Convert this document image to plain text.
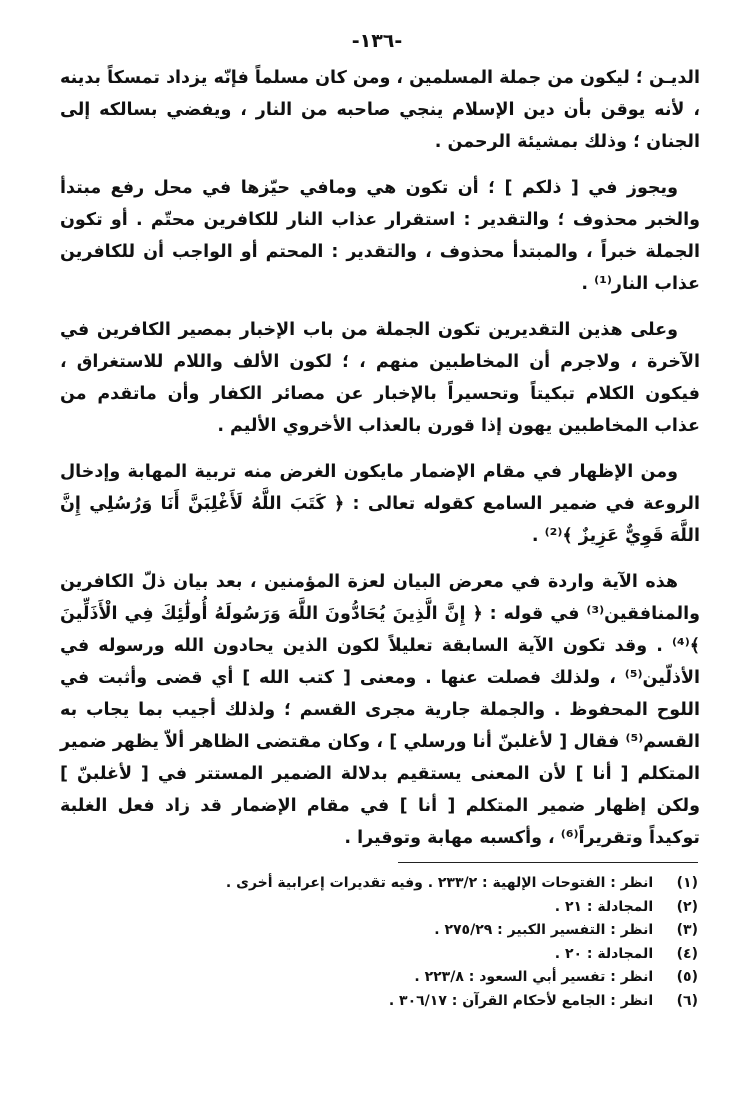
-١٣٦-

الديـن ؛ ليكون من جملة المسلمين ، ومن كان مسلماً فإنّه يزداد تمسكاً بدينه ، لأنه يوقن بأن دين الإسلام ينجي صاحبه من النار ، ويفضي بسالكه إلى الجنان ؛ وذلك بمشيئة الرحمن .

ويجوز في [ ذلكم ] ؛ أن تكون هي ومافي حيّزها في محل رفع مبتدأ والخبر محذوف ؛ والتقدير : استقرار عذاب النار للكافرين محتّم . أو تكون الجملة خبراً ، والمبتدأ محذوف ، والتقدير : المحتم أو الواجب أن للكافرين عذاب النار⁽¹⁾ .

وعلى هذين التقديرين تكون الجملة من باب الإخبار بمصير الكافرين في الآخرة ، ولاجرم أن المخاطبين منهم ، ؛ لكون الألف واللام للاستغراق ، فيكون الكلام تبكيتاً وتحسيراً بالإخبار عن مصائر الكفار وأن ماتقدم من عذاب المخاطبين يهون إذا قورن بالعذاب الأخروي الأليم .

ومن الإظهار في مقام الإضمار مايكون الغرض منه تربية المهابة وإدخال الروعة في ضمير السامع كقوله تعالى : ﴿ كَتَبَ اللَّهُ لَأَغْلِبَنَّ أَنَا وَرُسُلِي إِنَّ اللَّهَ قَوِيٌّ عَزِيزٌ ﴾⁽²⁾ .

هذه الآية واردة في معرض البيان لعزة المؤمنين ، بعد بيان ذلّ الكافرين والمنافقين⁽³⁾ في قوله : ﴿ إِنَّ الَّذِينَ يُحَادُّونَ اللَّهَ وَرَسُولَهُ أُولَٰئِكَ فِي الْأَذَلِّينَ ﴾⁽⁴⁾ . وقد تكون الآية السابقة تعليلاً لكون الذين يحادون الله ورسوله في الأذلّين⁽⁵⁾ ، ولذلك فصلت عنها . ومعنى [ كتب الله ] أي قضى وأثبت في اللوح المحفوظ . والجملة جارية مجرى القسم ؛ ولذلك أجيب بما يجاب به القسم⁽⁵⁾ فقال [ لأغلبنّ أنا ورسلي ] ، وكان مقتضى الظاهر ألاّ يظهر ضمير المتكلم [ أنا ] لأن المعنى يستقيم بدلالة الضمير المستتر في [ لأغلبنّ ] ولكن إظهار ضمير المتكلم [ أنا ] في مقام الإضمار قد زاد فعل الغلبة توكيداً وتقريراً⁽⁶⁾ ، وأكسبه مهابة وتوقيرا .

(١) انظر : الفتوحات الإلهية : ٢٣٣/٢ . وفيه تقديرات إعرابية أخرى .
(٢) المجادلة : ٢١ .
(٣) انظر : التفسير الكبير : ٢٧٥/٢٩ .
(٤) المجادلة : ٢٠ .
(٥) انظر : تفسير أبي السعود : ٢٢٣/٨ .
(٦) انظر : الجامع لأحكام القرآن : ٣٠٦/١٧ .
